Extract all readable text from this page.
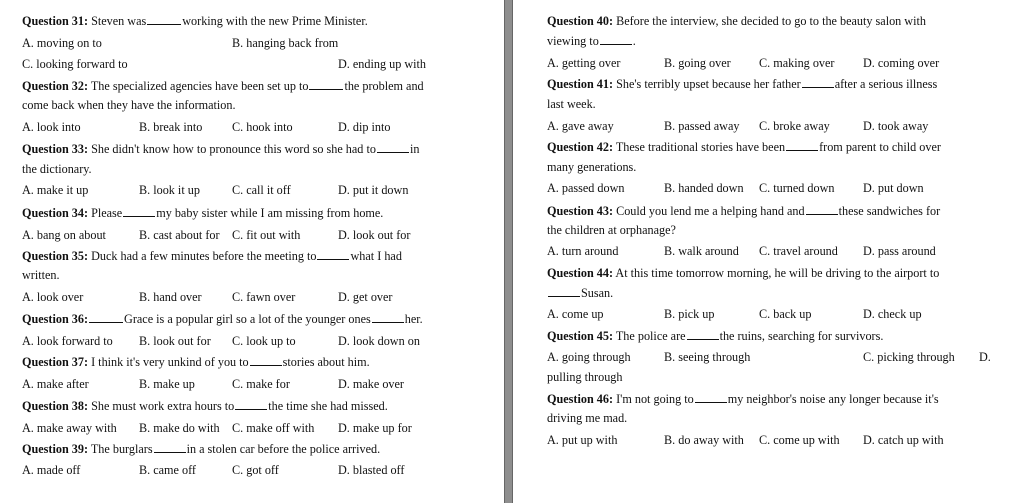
Question 31: Steven was	working with the new Prime Minister.
A. moving on to	B. hanging back from
C. looking forward to	D. ending up with
Question 32: The specialized agencies have been set up to	the problem and
come back when they have the information.
A. look into	B. break into C. hook into	D. dip into
Question 33: She didn't know how to pronounce this word so she had to	in
the dictionary.
A. make it up	B. look it up	C. call it off	D. put it down
Question 34: Please	my baby sister while I am missing from home.
A. bang on about	B. cast about for C. fit out with	D. look out for
Question 35: Duck had a few minutes before the meeting to	what I had
written.
A. look over	B. hand over C. fawn over	D. get over
Question 36:	Grace is a popular girl so a lot of the younger ones	her.
A. look forward to B. look out for C. look up to	D. look down on
Question 37: I think it's very unkind of you to	stories about him.
A. make after	B. make up	C. make for	D. make over
Question 38: She must work extra hours to	the time she had missed.
A. make away with B. make do with C. make off with D. make up for
Question 39: The burglars	in a stolen car before the police arrived.
A. made off	B. came off	C. got off	D. blasted off
Question 40: Before the interview, she decided to go to the beauty salon with
viewing to	.
A. getting over	B. going over C. making over D. coming over
Question 41: She's terribly upset because her father	after a serious illness
last week.
A. gave away	B. passed away C. broke away	D. took away
Question 42: These traditional stories have been	from parent to child over
many generations.
A. passed down	B. handed down C. turned down D. put down
Question 43: Could you lend me a helping hand and	these sandwiches for
the children at orphanage?
A. turn around	B. walk around C. travel around D. pass around
Question 44: At this time tomorrow morning, he will be driving to the airport to
Susan.
A. come up	B. pick up	C. back up	D. check up
Question 45: The police are	the ruins, searching for survivors.
A. going through	B. seeing through	C. picking through D.
pulling through
Question 46: I'm not going to	my neighbor's noise any longer because it's
driving me mad.
A. put up with	B. do away with C. come up with D. catch up with
